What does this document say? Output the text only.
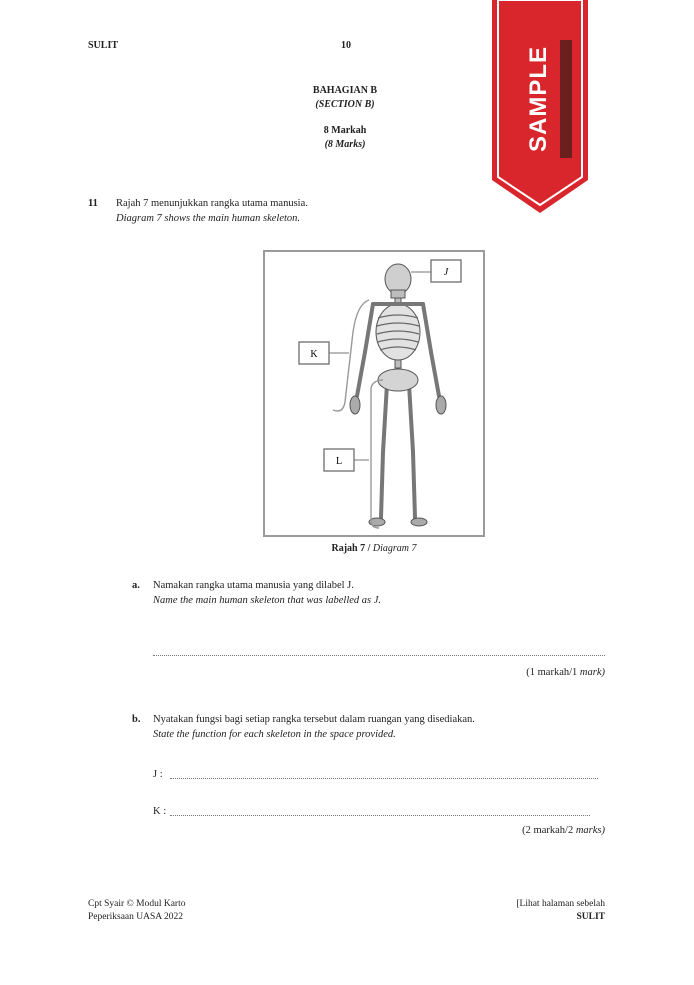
SULIT	10
BAHAGIAN B
(SECTION B)
8 Markah
(8 Marks)
11 Rajah 7 menunjukkan rangka utama manusia.
Diagram 7 shows the main human skeleton.
J
K
L
Rajah 7 / Diagram 7
a. Namakan rangka utama manusia yang dilabel J.
Name the main human skeleton that was labelled as J.
(1 markah/1 mark)
b. Nyatakan fungsi bagi setiap rangka tersebut dalam ruangan yang disediakan.
State the function for each skeleton in the space provided.
J :
K :
(2 markah/2 marks)
Cpt Syair © Modul Karto
Peperiksaan UASA 2022
[Lihat halaman sebelah
SULIT
SAMPLE
